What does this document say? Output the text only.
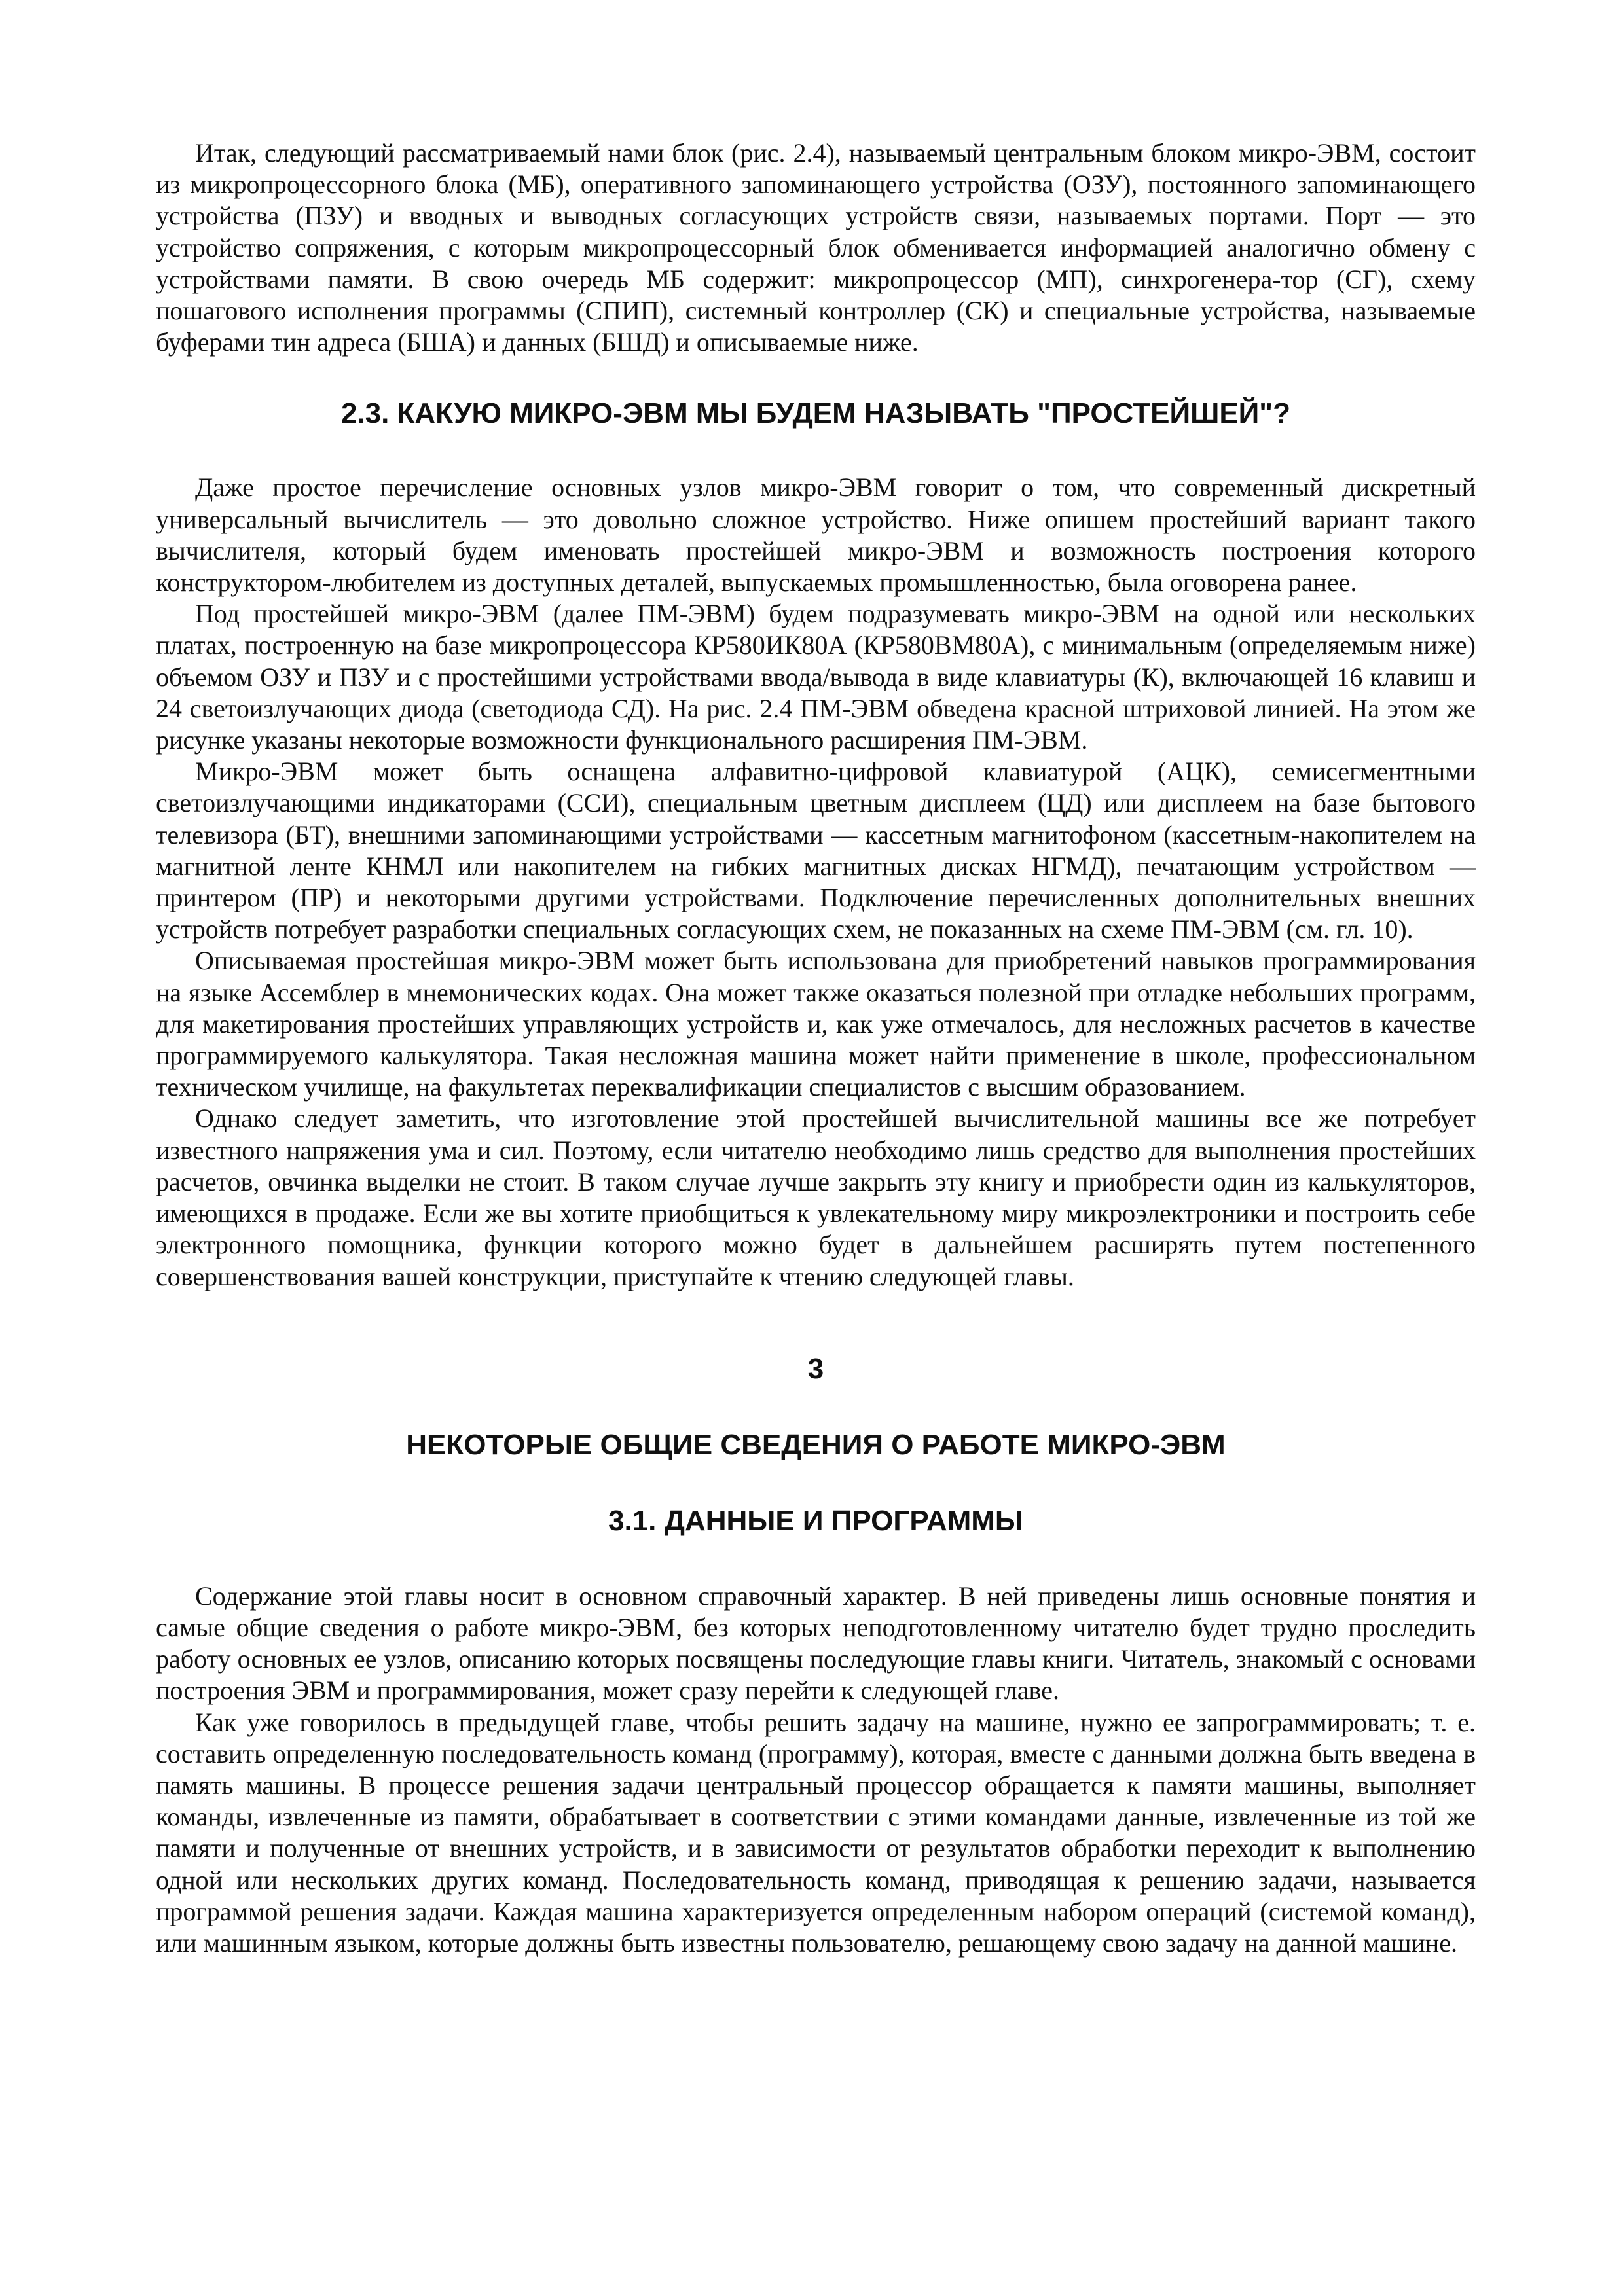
Итак, следующий рассматриваемый нами блок (рис. 2.4), называемый центральным блоком микро-ЭВМ, состоит из микропроцессорного блока (МБ), оперативного запоминающего устройства (ОЗУ), постоянного запоминающего устройства (ПЗУ) и вводных и выводных согласующих устройств связи, называемых портами. Порт — это устройство сопряжения, с которым микропроцессорный блок обменивается информацией аналогично обмену с устройствами памяти. В свою очередь МБ содержит: микропроцессор (МП), синхрогенера-тор (СГ), схему пошагового исполнения программы (СПИП), системный контроллер (СК) и специальные устройства, называемые буферами тин адреса (БША) и данных (БШД) и описываемые ниже.

2.3. КАКУЮ МИКРО-ЭВМ МЫ БУДЕМ НАЗЫВАТЬ "ПРОСТЕЙШЕЙ"?

Даже простое перечисление основных узлов микро-ЭВМ говорит о том, что современный дискретный универсальный вычислитель — это довольно сложное устройство. Ниже опишем простейший вариант такого вычислителя, который будем именовать простейшей микро-ЭВМ и возможность построения которого конструктором-любителем из доступных деталей, выпускаемых промышленностью, была оговорена ранее.

Под простейшей микро-ЭВМ (далее ПМ-ЭВМ) будем подразумевать микро-ЭВМ на одной или нескольких платах, построенную на базе микропроцессора КР580ИК80А (КР580ВМ80А), с минимальным (определяемым ниже) объемом ОЗУ и ПЗУ и с простейшими устройствами ввода/вывода в виде клавиатуры (К), включающей 16 клавиш и 24 светоизлучающих диода (светодиода СД). На рис. 2.4 ПМ-ЭВМ обведена красной штриховой линией. На этом же рисунке указаны некоторые возможности функционального расширения ПМ-ЭВМ.

Микро-ЭВМ может быть оснащена алфавитно-цифровой клавиатурой (АЦК), семисегментными светоизлучающими индикаторами (ССИ), специальным цветным дисплеем (ЦД) или дисплеем на базе бытового телевизора (БТ), внешними запоминающими устройствами — кассетным магнитофоном (кассетным-накопителем на магнитной ленте КНМЛ или накопителем на гибких магнитных дисках НГМД), печатающим устройством — принтером (ПР) и некоторыми другими устройствами. Подключение перечисленных дополнительных внешних устройств потребует разработки специальных согласующих схем, не показанных на схеме ПМ-ЭВМ (см. гл. 10).

Описываемая простейшая микро-ЭВМ может быть использована для приобретений навыков программирования на языке Ассемблер в мнемонических кодах. Она может также оказаться полезной при отладке небольших программ, для макетирования простейших управляющих устройств и, как уже отмечалось, для несложных расчетов в качестве программируемого калькулятора. Такая несложная машина может найти применение в школе, профессиональном техническом училище, на факультетах переквалификации специалистов с высшим образованием.

Однако следует заметить, что изготовление этой простейшей вычислительной машины все же потребует известного напряжения ума и сил. Поэтому, если читателю необходимо лишь средство для выполнения простейших расчетов, овчинка выделки не стоит. В таком случае лучше закрыть эту книгу и приобрести один из калькуляторов, имеющихся в продаже. Если же вы хотите приобщиться к увлекательному миру микроэлектроники и построить себе электронного помощника, функции которого можно будет в дальнейшем расширять путем постепенного совершенствования вашей конструкции, приступайте к чтению следующей главы.

3
НЕКОТОРЫЕ ОБЩИЕ СВЕДЕНИЯ О РАБОТЕ МИКРО-ЭВМ
3.1. ДАННЫЕ И ПРОГРАММЫ

Содержание этой главы носит в основном справочный характер. В ней приведены лишь основные понятия и самые общие сведения о работе микро-ЭВМ, без которых неподготовленному читателю будет трудно проследить работу основных ее узлов, описанию которых посвящены последующие главы книги. Читатель, знакомый с основами построения ЭВМ и программирования, может сразу перейти к следующей главе.

Как уже говорилось в предыдущей главе, чтобы решить задачу на машине, нужно ее запрограммировать; т. е. составить определенную последовательность команд (программу), которая, вместе с данными должна быть введена в память машины. В процессе решения задачи центральный процессор обращается к памяти машины, выполняет команды, извлеченные из памяти, обрабатывает в соответствии с этими командами данные, извлеченные из той же памяти и полученные от внешних устройств, и в зависимости от результатов обработки переходит к выполнению одной или нескольких других команд. Последовательность команд, приводящая к решению задачи, называется программой решения задачи. Каждая машина характеризуется определенным набором операций (системой команд), или машинным языком, которые должны быть известны пользователю, решающему свою задачу на данной машине.
